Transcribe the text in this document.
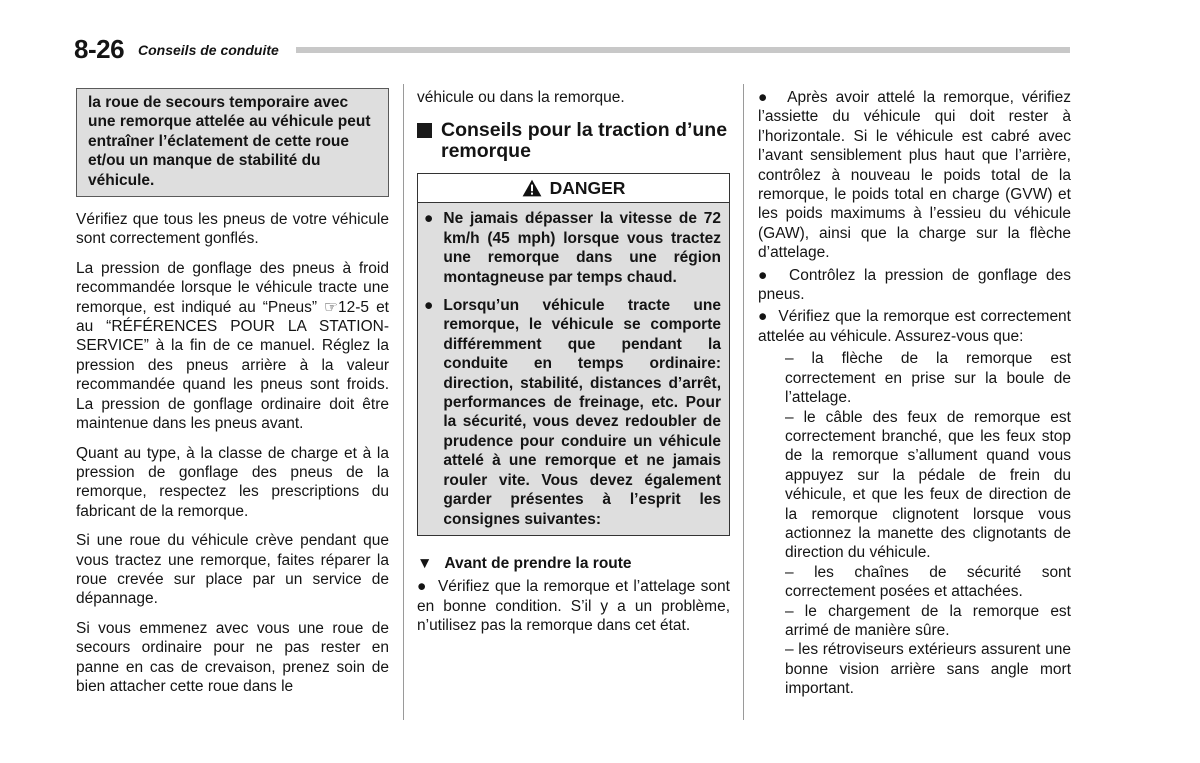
8-26 Conseils de conduite
la roue de secours temporaire avec une remorque attelée au véhicule peut entraîner l’éclatement de cette roue et/ou un manque de stabilité du véhicule.

Vérifiez que tous les pneus de votre véhicule sont correctement gonflés.

La pression de gonflage des pneus à froid recommandée lorsque le véhicule tracte une remorque, est indiqué au “Pneus” ☞12-5 et au “RÉFÉRENCES POUR LA STATION-SERVICE” à la fin de ce manuel. Réglez la pression des pneus arrière à la valeur recommandée quand les pneus sont froids. La pression de gonflage ordinaire doit être maintenue dans les pneus avant.

Quant au type, à la classe de charge et à la pression de gonflage des pneus de la remorque, respectez les prescriptions du fabricant de la remorque.

Si une roue du véhicule crève pendant que vous tractez une remorque, faites réparer la roue crevée sur place par un service de dépannage.

Si vous emmenez avec vous une roue de secours ordinaire pour ne pas rester en panne en cas de crevaison, prenez soin de bien attacher cette roue dans le

véhicule ou dans la remorque.

Conseils pour la traction d’une remorque
DANGER
● Ne jamais dépasser la vitesse de 72 km/h (45 mph) lorsque vous tractez une remorque dans une région montagneuse par temps chaud.
● Lorsqu’un véhicule tracte une remorque, le véhicule se comporte différemment que pendant la conduite en temps ordinaire: direction, stabilité, distances d’arrêt, performances de freinage, etc. Pour la sécurité, vous devez redoubler de prudence pour conduire un véhicule attelé à une remorque et ne jamais rouler vite. Vous devez également garder présentes à l’esprit les consignes suivantes:
▼ Avant de prendre la route

● Vérifiez que la remorque et l’attelage sont en bonne condition. S’il y a un problème, n’utilisez pas la remorque dans cet état.

● Après avoir attelé la remorque, vérifiez l’assiette du véhicule qui doit rester à l’horizontale. Si le véhicule est cabré avec l’avant sensiblement plus haut que l’arrière, contrôlez à nouveau le poids total de la remorque, le poids total en charge (GVW) et les poids maximums à l’essieu du véhicule (GAW), ainsi que la charge sur la flèche d’attelage.

● Contrôlez la pression de gonflage des pneus.

● Vérifiez que la remorque est correctement attelée au véhicule. Assurez-vous que:

– la flèche de la remorque est correctement en prise sur la boule de l’attelage.

– le câble des feux de remorque est correctement branché, que les feux stop de la remorque s’allument quand vous appuyez sur la pédale de frein du véhicule, et que les feux de direction de la remorque clignotent lorsque vous actionnez la manette des clignotants de direction du véhicule.

– les chaînes de sécurité sont correctement posées et attachées.

– le chargement de la remorque est arrimé de manière sûre.

– les rétroviseurs extérieurs assurent une bonne vision arrière sans angle mort important.
